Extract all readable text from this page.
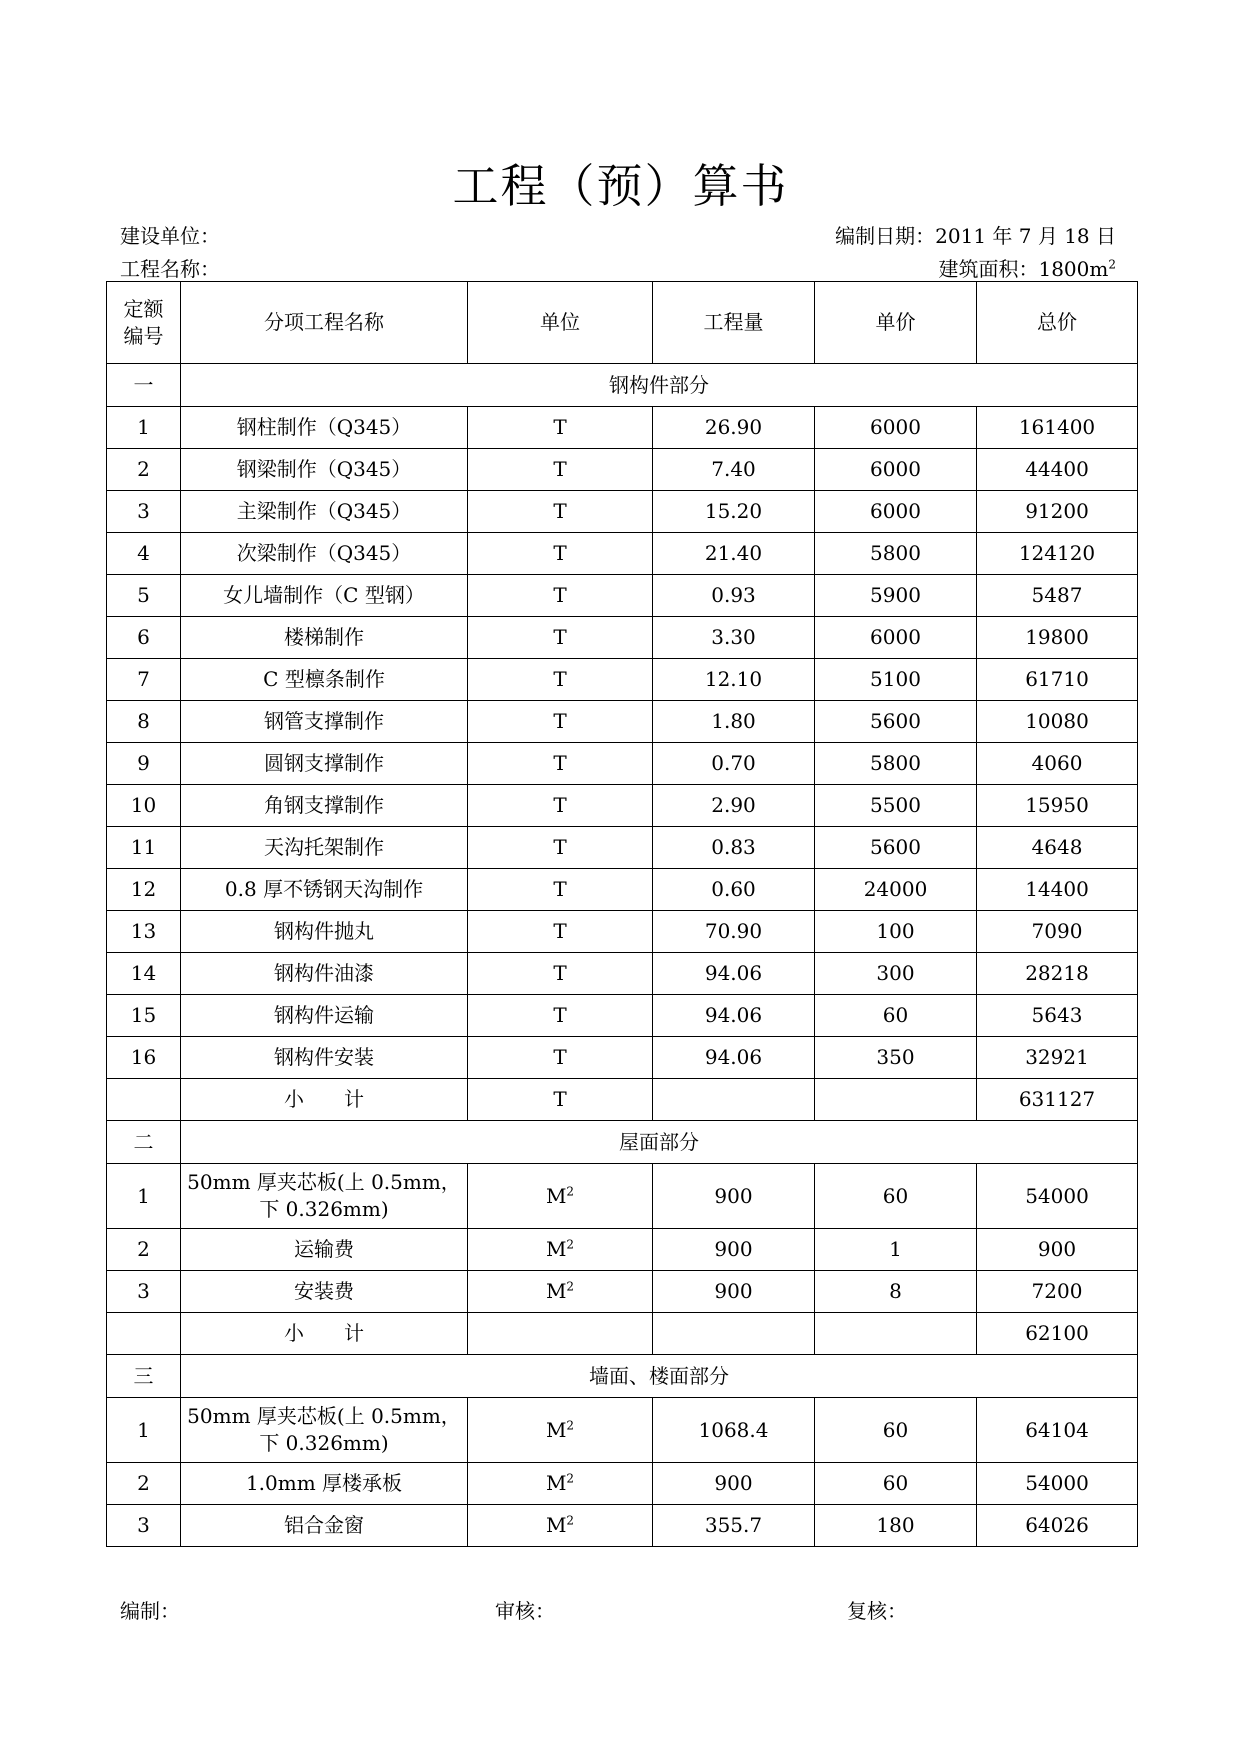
工程（预）算书
建设单位：	编制日期：2011 年 7 月 18 日
工程名称：	建筑面积：$1800m^2$
定额
编号	分项工程名称	单位	工程量	单价	总价
一	钢构件部分				
1	钢柱制作（Q345）	T	26.90	6000	161400
2	钢梁制作（Q345）	T	7.40	6000	44400
3	主梁制作（Q345）	T	15.20	6000	91200
4	次梁制作（Q345）	T	21.40	5800	124120
5	女儿墙制作（C 型钢）	T	0.93	5900	5487
6	楼梯制作	T	3.30	6000	19800
7	C 型檩条制作	T	12.10	5100	61710
8	钢管支撑制作	T	1.80	5600	10080
9	圆钢支撑制作	T	0.70	5800	4060
10	角钢支撑制作	T	2.90	5500	15950
11	天沟托架制作	T	0.83	5600	4648
12	0.8 厚不锈钢天沟制作	T	0.60	24000	14400
13	钢构件抛丸	T	70.90	100	7090
14	钢构件油漆	T	94.06	300	28218
15	钢构件运输	T	94.06	60	5643
16	钢构件安装	T	94.06	350	32921

	小　　计	T			631127
二	屋面部分				
1	50mm 厚夹芯板(上 0.5mm，
下 0.326mm)	$M^2$	900	60	54000
2	运输费	$M^2$	900	1	900
3	安装费	$M^2$	900	8	7200

	小　　计				62100
三	墙面、楼面部分				
1	50mm 厚夹芯板(上 0.5mm，
下 0.326mm)	$M^2$	1068.4	60	64104
2	1.0mm 厚楼承板	$M^2$	900	60	54000
3	铝合金窗	$M^2$	355.7	180	64026
编制：	审核：	复核：
